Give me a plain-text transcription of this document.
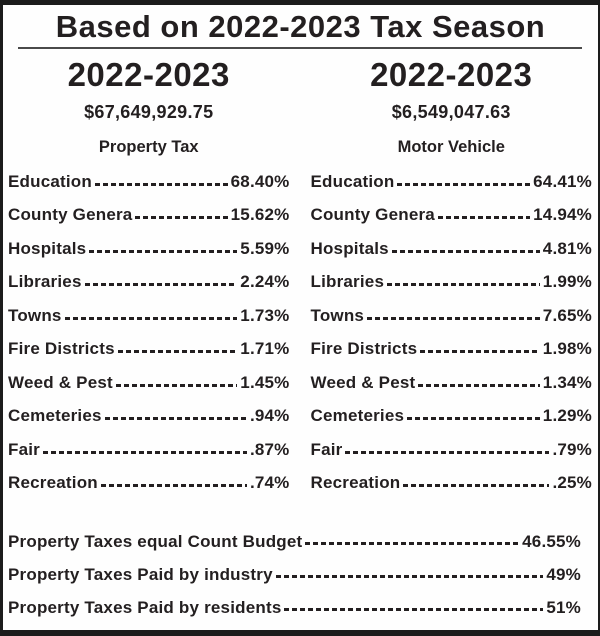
Based on 2022-2023 Tax Season
2022-2023
$67,649,929.75
Property Tax
Education	68.40%
County Genera	15.62%
Hospitals	5.59%
Libraries	2.24%
Towns	1.73%
Fire Districts	1.71%
Weed & Pest	1.45%
Cemeteries	.94%
Fair	.87%
Recreation	.74%
2022-2023
$6,549,047.63
Motor Vehicle
Education	64.41%
County Genera	14.94%
Hospitals	4.81%
Libraries	1.99%
Towns	7.65%
Fire Districts	1.98%
Weed & Pest	1.34%
Cemeteries	1.29%
Fair	.79%
Recreation	.25%
Property Taxes equal Count Budget	46.55%
Property Taxes Paid by industry	49%
Property Taxes Paid by residents	51%
